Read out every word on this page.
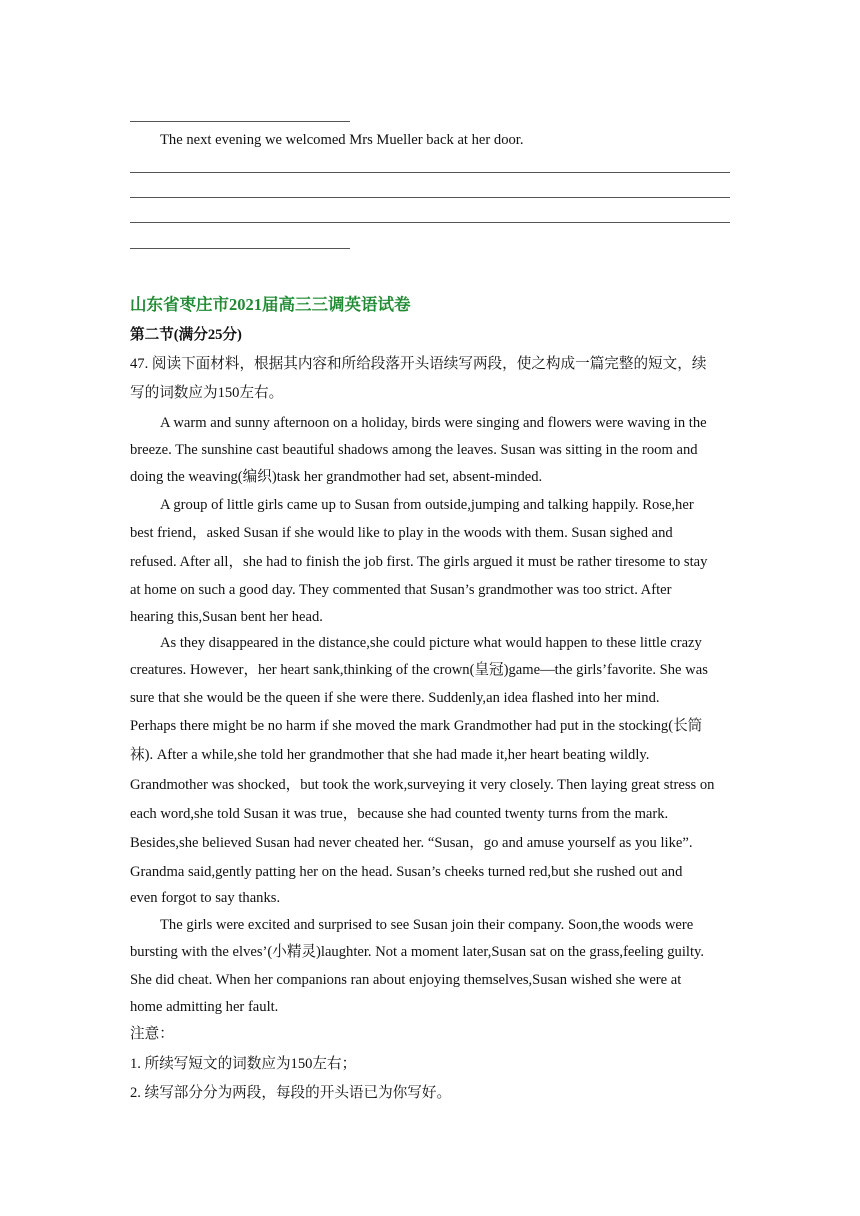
The next evening we welcomed Mrs Mueller back at her door.
山东省枣庄市2021届高三三调英语试卷
第二节(满分25分)
47. 阅读下面材料，根据其内容和所给段落开头语续写两段，使之构成一篇完整的短文，续
写的词数应为150左右。
A warm and sunny afternoon on a holiday, birds were singing and flowers were waving in the
breeze. The sunshine cast beautiful shadows among the leaves. Susan was sitting in the room and
doing the weaving(编织)task her grandmother had set, absent-minded.
A group of little girls came up to Susan from outside,jumping and talking happily. Rose,her
best friend，asked Susan if she would like to play in the woods with them. Susan sighed and
refused. After all，she had to finish the job first. The girls argued it must be rather tiresome to stay
at home on such a good day. They commented that Susan’s grandmother was too strict. After
hearing this,Susan bent her head.
As they disappeared in the distance,she could picture what would happen to these little crazy
creatures. However，her heart sank,thinking of the crown(皇冠)game—the girls’favorite. She was
sure that she would be the queen if she were there. Suddenly,an idea flashed into her mind.
Perhaps there might be no harm if she moved the mark Grandmother had put in the stocking(长筒
袜). After a while,she told her grandmother that she had made it,her heart beating wildly.
Grandmother was shocked，but took the work,surveying it very closely. Then laying great stress on
each word,she told Susan it was true，because she had counted twenty turns from the mark.
Besides,she believed Susan had never cheated her. “Susan，go and amuse yourself as you like”.
Grandma said,gently patting her on the head. Susan’s cheeks turned red,but she rushed out and
even forgot to say thanks.
The girls were excited and surprised to see Susan join their company. Soon,the woods were
bursting with the elves’(小精灵)laughter. Not a moment later,Susan sat on the grass,feeling guilty.
She did cheat. When her companions ran about enjoying themselves,Susan wished she were at
home admitting her fault.
注意：
1. 所续写短文的词数应为150左右；
2. 续写部分分为两段，每段的开头语已为你写好。
